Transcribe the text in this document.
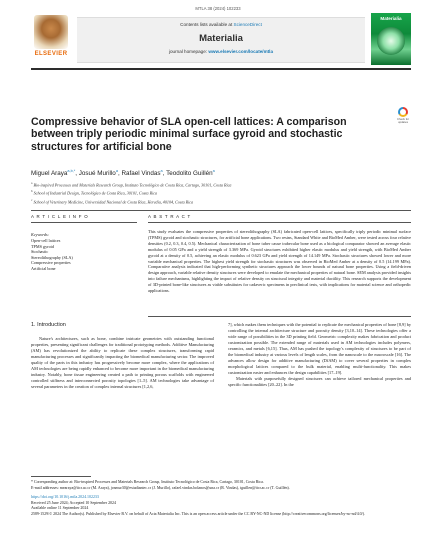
MTLA 38 (2024) 102233
ELSEVIER
Contents lists available at ScienceDirect
Materialia
journal homepage: www.elsevier.com/locate/mtla
Materialia
Compressive behavior of SLA open-cell lattices: A comparison between triply periodic minimal surface gyroid and stochastic structures for artificial bone
Check for updates
Miguel Araya$^{a,b,*}$, Josué Murillo$^a$, Rafael Vindas$^a$, Teodolito Guillén$^a$
$^a$ Bio-inspired Processes and Materials Research Group, Instituto Tecnológico de Costa Rica, Cartago, 30101, Costa Rica
$^b$ School of Industrial Design, Tecnológico de Costa Rica, 30101, Costa Rica
$^c$ School of Veterinary Medicine, Universidad Nacional de Costa Rica, Heredia, 40104, Costa Rica
A R T I C L E I N F O	A B S T R A C T
Keywords:
Open-cell lattices
TPMS gyroid
Stochastic
Stereolithography (SLA)
Compressive properties
Artificial bone
This study evaluates the compressive properties of stereolithography (SLA) fabricated open-cell lattices, specifically triply periodic minimal surface (TPMS) gyroid and stochastic structures, for artificial bone applications. Two resins, Standard White and BioMed Amber, were tested across four relative densities (0.2, 0.3, 0.4, 0.5). Mechanical characterization of bone tuber cause trabecular bone used as a biological comparator showed an average elastic modulus of 0.05 GPa and a yield strength of 3.369 MPa. Gyroid structures exhibited higher elastic modulus and yield strength, with BioMed Amber gyroid at a density of 0.5, achieving an elastic modulus of 0.623 GPa and yield strength of 14.149 MPa. Stochastic structures showed lower and more variable mechanical properties. The highest yield strength for stochastic structures was observed in BioMed Amber at a density of 0.5 (14.199 MPa). Comparative analysis indicated that high-performing synthetic structures approach the lower bounds of natural bone properties. Using a field-driven design approach, variable relative density structures were developed to emulate the mechanical properties of natural bone. SEM analysis provided insights into failure mechanisms, highlighting the impact of relative density on structural integrity and material ductility. This research supports the development of 3D-printed bone-like structures as viable substitutes for cadaveric specimens in preclinical tests, with implications for material science and orthopedic applications.
1. Introduction
Nature's architectures, such as bone, combine intricate geometries with outstanding functional properties, presenting significant challenges for traditional prototyping methods. Additive Manufacturing (AM) has revolutionized the ability to replicate these complex structures, transforming rapid manufacturing processes and significantly impacting the biomedical manufacturing sector. The improved quality of the parts in this industry has progressively become more complex, where the applications of AM technologies are being rapidly enhanced to become more important in the biomedical manufacturing industry. Notably, bone tissue engineering created a path to printing porous scaffolds with engineered controlled stiffness and interconnected porosity topologies [1–5]. AM technologies take advantage of several parameters in the creation of complex internal structures [1,2,6,
7], which makes them techniques with the potential to replicate the mechanical properties of bone [8,9] by controlling the internal architecture structure and porosity density [3,10–14]. These technologies offer a wide range of possibilities in the 3D printing field. Geometric complexity makes fabrication and product customization possible. The extended range of materials used in AM technologies includes polymers, ceramics, and metals [6,15]. Thus, AM has pushed the topology's complexity of structures to be part of the biomedical industry at various levels of length scales, from the nanoscale to the macroscale [16]. The advances allow design for additive manufacturing (DfAM) to cover several properties in complex morphological lattices compared to the bulk material, enabling multi-functionality. This makes customization easier and enhances the design capabilities [17–19].
Materials with purposefully designed structures can achieve tailored mechanical properties and specific functionalities [20–22]. In the
* Corresponding author at: Bio-inspired Processes and Materials Research Group, Instituto Tecnológico de Costa Rica, Cartago, 30101, Costa Rica.
E-mail addresses: mearaya@itcr.ac.cr (M. Araya), josmur30@estudiantec.cr (J. Murillo), rafael.vindas.bolanos@una.cr (R. Vindas), tguillen@itcr.ac.cr (T. Guillén).
https://doi.org/10.1016/j.mtla.2024.102233
Received 25 June 2024; Accepted 10 September 2024
Available online 11 September 2024
2589-1529/© 2024 The Author(s). Published by Elsevier B.V. on behalf of Acta Materialia Inc. This is an open access article under the CC BY-NC-ND license (http://creativecommons.org/licenses/by-nc-nd/4.0/).
